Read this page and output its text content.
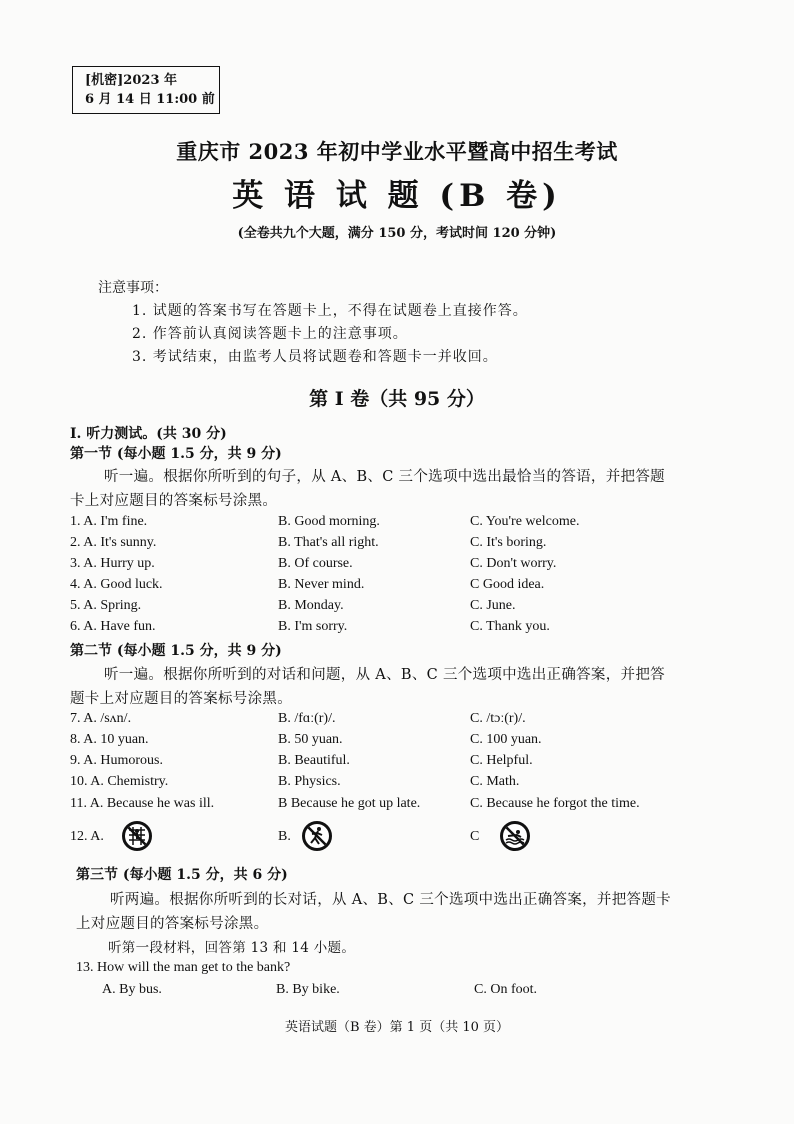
[机密]2023 年
6 月 14 日 11:00 前
重庆市 2023 年初中学业水平暨高中招生考试
英 语 试 题 (B 卷)
(全卷共九个大题，满分 150 分，考试时间 120 分钟)
注意事项：
1. 试题的答案书写在答题卡上，不得在试题卷上直接作答。
2. 作答前认真阅读答题卡上的注意事项。
3. 考试结束，由监考人员将试题卷和答题卡一并收回。
第 I 卷（共 95 分）
I. 听力测试。(共 30 分)
第一节 (每小题 1.5 分，共 9 分)
听一遍。根据你所听到的句子，从 A、B、C 三个选项中选出最恰当的答语，并把答题
卡上对应题目的答案标号涂黑。
1. A. I'm fine.	B. Good morning.	C. You're welcome.
2. A. It's sunny.	B. That's all right.	C. It's boring.
3. A. Hurry up.	B. Of course.	C. Don't worry.
4. A. Good luck.	B. Never mind.	C Good idea.
5. A. Spring.	B. Monday.	C. June.
6. A. Have fun.	B. I'm sorry.	C. Thank you.
第二节 (每小题 1.5 分，共 9 分)
听一遍。根据你所听到的对话和问题，从 A、B、C 三个选项中选出正确答案，并把答
题卡上对应题目的答案标号涂黑。
7. A. /sʌn/.	B. /fɑː(r)/.	C. /tɔː(r)/.
8. A. 10 yuan.	B. 50 yuan.	C. 100 yuan.
9. A. Humorous.	B. Beautiful.	C. Helpful.
10. A. Chemistry.	B. Physics.	C. Math.
11. A. Because he was ill.	B Because he got up late.	C. Because he forgot the time.
12. A.	B.	C
第三节 (每小题 1.5 分，共 6 分)
听两遍。根据你所听到的长对话，从 A、B、C 三个选项中选出正确答案，并把答题卡
上对应题目的答案标号涂黑。
听第一段材料，回答第 13 和 14 小题。
13. How will the man get to the bank?
A. By bus.	B. By bike.	C. On foot.
英语试题（B 卷）第 1 页（共 10 页）
